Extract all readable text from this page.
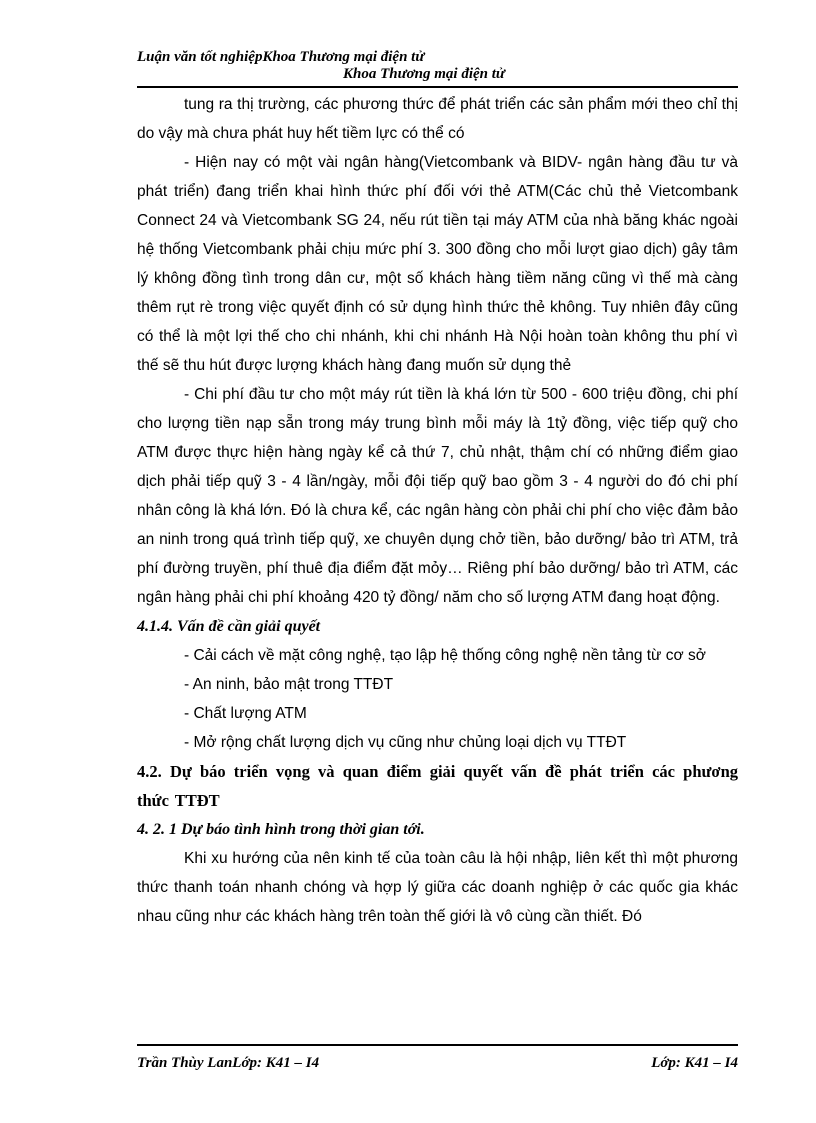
Luận văn tốt nghiệpKhoa Thương mại điện tử
Khoa Thương mại điện tử

tung ra thị trường, các phương thức để phát triển các sản phẩm mới theo chỉ thị do vậy mà chưa phát huy hết tiềm lực có thể có

- Hiện nay có một vài ngân hàng(Vietcombank và BIDV- ngân hàng đầu tư và phát triển) đang triển khai hình thức phí đối với thẻ ATM(Các chủ thẻ Vietcombank Connect 24 và Vietcombank SG 24, nếu rút tiền tại máy ATM của nhà băng khác ngoài hệ thống Vietcombank phải chịu mức phí 3. 300 đồng cho mỗi lượt giao dịch) gây tâm lý không đồng tình trong dân cư, một số khách hàng tiềm năng cũng vì thế mà càng thêm rụt rè trong việc quyết định có sử dụng hình thức thẻ không. Tuy nhiên đây cũng có thể là một lợi thế cho chi nhánh, khi chi nhánh Hà Nội hoàn toàn không thu phí vì thế sẽ thu hút được lượng khách hàng đang muốn sử dụng thẻ

- Chi phí đầu tư cho một máy rút tiền là khá lớn từ 500 - 600 triệu đồng, chi phí cho lượng tiền nạp sẵn trong máy trung bình mỗi máy là 1tỷ đồng, việc tiếp quỹ cho ATM được thực hiện hàng ngày kể cả thứ 7, chủ nhật, thậm chí có những điểm giao dịch phải tiếp quỹ 3 - 4 lần/ngày, mỗi đội tiếp quỹ bao gồm 3 - 4 người do đó chi phí nhân công là khá lớn. Đó là chưa kể, các ngân hàng còn phải chi phí cho việc đảm bảo an ninh trong quá trình tiếp quỹ, xe chuyên dụng chở tiền, bảo dưỡng/ bảo trì ATM, trả phí đường truyền, phí thuê địa điểm đặt mỏy… Riêng phí bảo dưỡng/ bảo trì ATM, các ngân hàng phải chi phí khoảng 420 tỷ đồng/ năm cho số lượng ATM đang hoạt động.

4.1.4. Vấn đề cần giải quyết

- Cải cách về mặt công nghệ, tạo lập hệ thống công nghệ nền tảng từ cơ sở

- An ninh, bảo mật trong TTĐT

- Chất lượng ATM

- Mở rộng chất lượng dịch vụ cũng như chủng loại dịch vụ TTĐT

4.2. Dự báo triển vọng và quan điểm giải quyết vấn đề phát triển các phương thức TTĐT

4. 2. 1 Dự báo tình hình trong thời gian tới.

Khi xu hướng của nên kinh tế của toàn câu là hội nhập, liên kết thì một phương thức thanh toán nhanh chóng và hợp lý giữa các doanh nghiệp ở các quốc gia khác nhau cũng như các khách hàng trên toàn thế giới là vô cùng cần thiết. Đó

Trần Thùy LanLớp: K41 – I4	Lớp: K41 – I4
